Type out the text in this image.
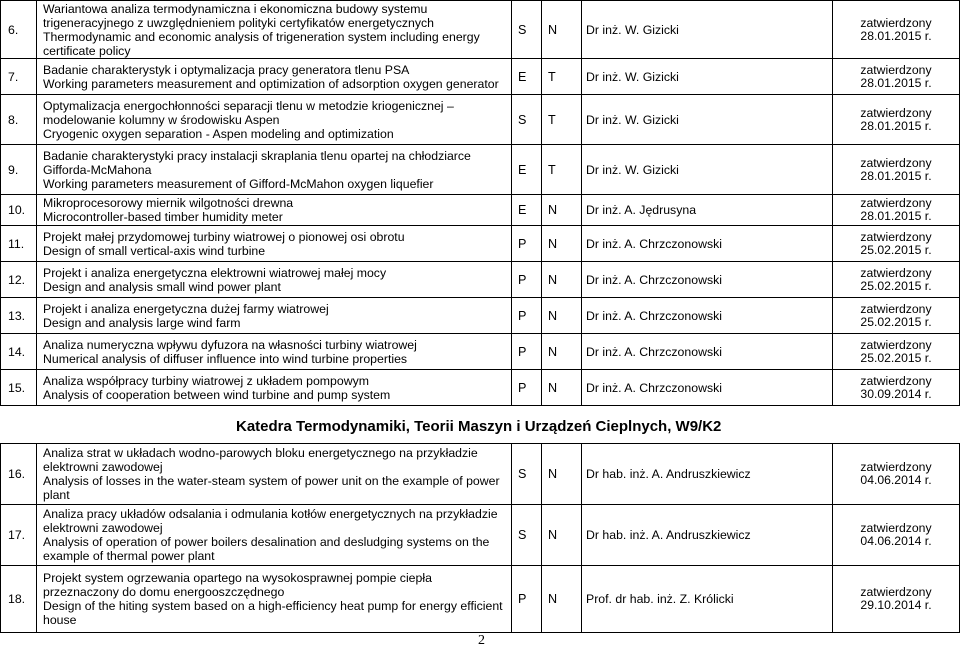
6.	Wariantowa analiza termodynamiczna i ekonomiczna budowy systemu trigeneracyjnego z uwzględnieniem polityki certyfikatów energetycznych
Thermodynamic and economic analysis of trigeneration system including energy certificate policy	S	N	Dr inż. W. Gizicki	zatwierdzony
28.01.2015 r.

7.	Badanie charakterystyk i optymalizacja pracy generatora tlenu PSA
Working parameters measurement and optimization of adsorption oxygen generator	E	T	Dr inż. W. Gizicki	zatwierdzony
28.01.2015 r.

8.	Optymalizacja energochłonności separacji tlenu w metodzie kriogenicznej – modelowanie kolumny w środowisku Aspen
Cryogenic oxygen separation - Aspen modeling and optimization	S	T	Dr inż. W. Gizicki	zatwierdzony
28.01.2015 r.

9.	Badanie charakterystyki pracy instalacji skraplania tlenu opartej na chłodziarce Gifforda-McMahona
Working parameters measurement of Gifford-McMahon oxygen liquefier	E	T	Dr inż. W. Gizicki	zatwierdzony
28.01.2015 r.

10.	Mikroprocesorowy miernik wilgotności drewna
Microcontroller-based timber humidity meter	E	N	Dr inż. A. Jędrusyna	zatwierdzony
28.01.2015 r.

11.	Projekt małej przydomowej turbiny wiatrowej o pionowej osi obrotu
Design of small vertical-axis wind turbine	P	N	Dr inż. A. Chrzczonowski	zatwierdzony
25.02.2015 r.

12.	Projekt i analiza energetyczna elektrowni wiatrowej małej mocy
Design and analysis small wind power plant	P	N	Dr inż. A. Chrzczonowski	zatwierdzony
25.02.2015 r.

13.	Projekt i analiza energetyczna dużej farmy wiatrowej
Design and analysis large wind farm	P	N	Dr inż. A. Chrzczonowski	zatwierdzony
25.02.2015 r.

14.	Analiza numeryczna wpływu dyfuzora na własności turbiny wiatrowej
Numerical analysis of diffuser influence into wind turbine properties	P	N	Dr inż. A. Chrzczonowski	zatwierdzony
25.02.2015 r.

15.	Analiza współpracy turbiny wiatrowej z układem pompowym
Analysis of cooperation between wind turbine and pump system	P	N	Dr inż. A. Chrzczonowski	zatwierdzony
30.09.2014 r.
Katedra Termodynamiki, Teorii Maszyn i Urządzeń Cieplnych, W9/K2
16.	Analiza strat w układach wodno-parowych bloku energetycznego na przykładzie elektrowni zawodowej
Analysis of losses in the water-steam system of power unit on the example of power plant	S	N	Dr hab. inż. A. Andruszkiewicz	zatwierdzony
04.06.2014 r.

17.	Analiza pracy układów odsalania i odmulania kotłów energetycznych na przykładzie elektrowni zawodowej
Analysis of operation of power boilers desalination and desludging systems on the example of thermal power plant	S	N	Dr hab. inż. A. Andruszkiewicz	zatwierdzony
04.06.2014 r.

18.	Projekt system ogrzewania opartego na wysokosprawnej pompie ciepła przeznaczony do domu energooszczędnego
Design of the hiting system based on a high-efficiency heat pump for energy efficient house	P	N	Prof. dr hab. inż. Z. Królicki	zatwierdzony
29.10.2014 r.
2
